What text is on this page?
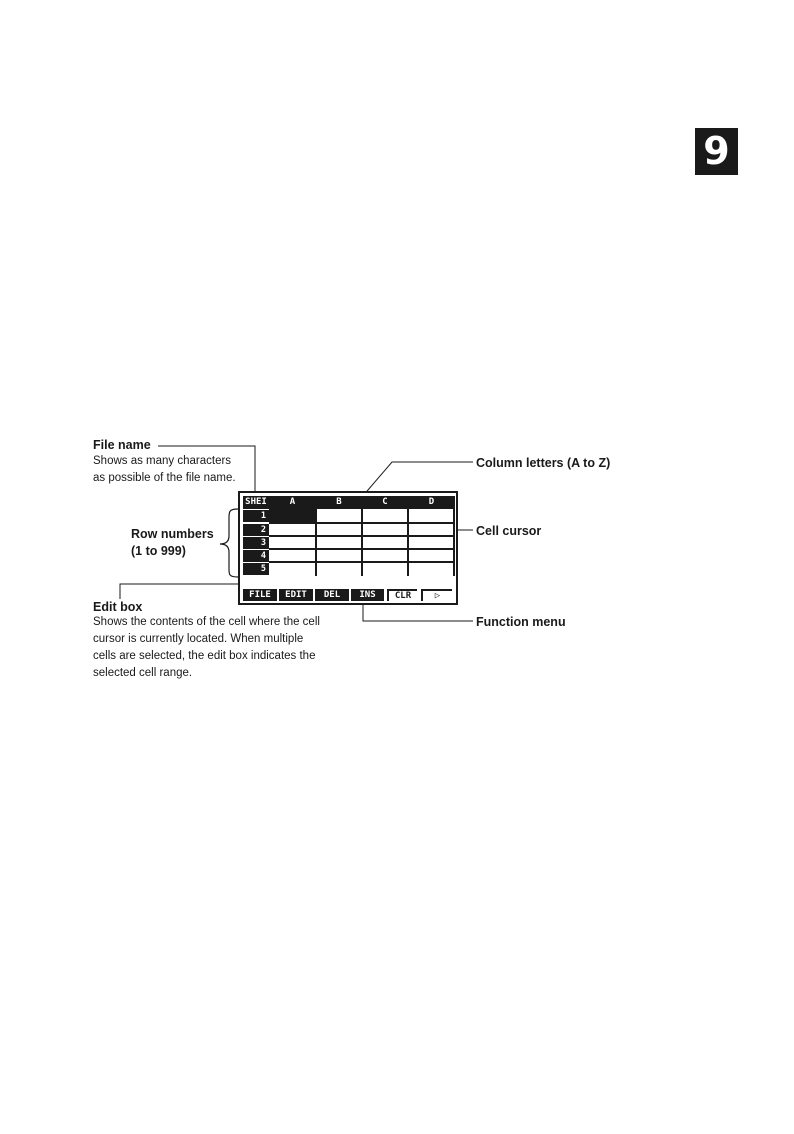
9
File name
Shows as many characters
as possible of the file name.
Row numbers
(1 to 999)
Edit box
Shows the contents of the cell where the cell
cursor is currently located. When multiple
cells are selected, the edit box indicates the
selected cell range.
Column letters (A to Z)
Cell cursor
Function menu
SHEI	A	B	C	D
1
2
3
4
5
FILE	EDIT	DEL	INS	CLR	▷
